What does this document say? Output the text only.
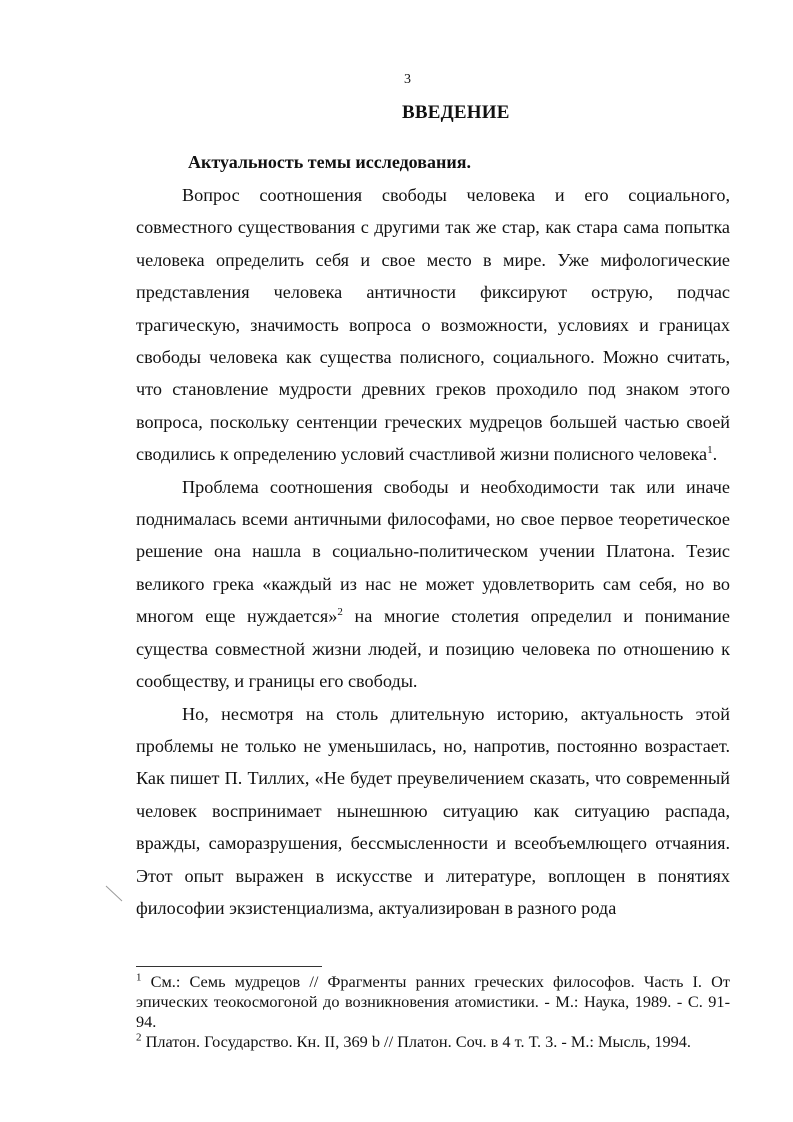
3
ВВЕДЕНИЕ
Актуальность темы исследования.

Вопрос соотношения свободы человека и его социального, совместного существования с другими так же стар, как стара сама попытка человека определить себя и свое место в мире. Уже мифологические представления человека античности фиксируют острую, подчас трагическую, значимость вопроса о возможности, условиях и границах свободы человека как существа полисного, социального. Можно считать, что становление мудрости древних греков проходило под знаком этого вопроса, поскольку сентенции греческих мудрецов большей частью своей сводились к определению условий счастливой жизни полисного человека$^1$.

Проблема соотношения свободы и необходимости так или иначе поднималась всеми античными философами, но свое первое теоретическое решение она нашла в социально-политическом учении Платона. Тезис великого грека «каждый из нас не может удовлетворить сам себя, но во многом еще нуждается»$^2$ на многие столетия определил и понимание существа совместной жизни людей, и позицию человека по отношению к сообществу, и границы его свободы.

Но, несмотря на столь длительную историю, актуальность этой проблемы не только не уменьшилась, но, напротив, постоянно возрастает. Как пишет П. Тиллих, «Не будет преувеличением сказать, что современный человек воспринимает нынешнюю ситуацию как ситуацию распада, вражды, саморазрушения, бессмысленности и всеобъемлющего отчаяния. Этот опыт выражен в искусстве и литературе, воплощен в понятиях философии экзистенциализма, актуализирован в разного рода

$^1$ См.: Семь мудрецов // Фрагменты ранних греческих философов. Часть I. От эпических теокосмогоной до возникновения атомистики. - М.: Наука, 1989. - С. 91-94.

$^2$ Платон. Государство. Кн. II, 369 b // Платон. Соч. в 4 т. Т. 3. - М.: Мысль, 1994.
